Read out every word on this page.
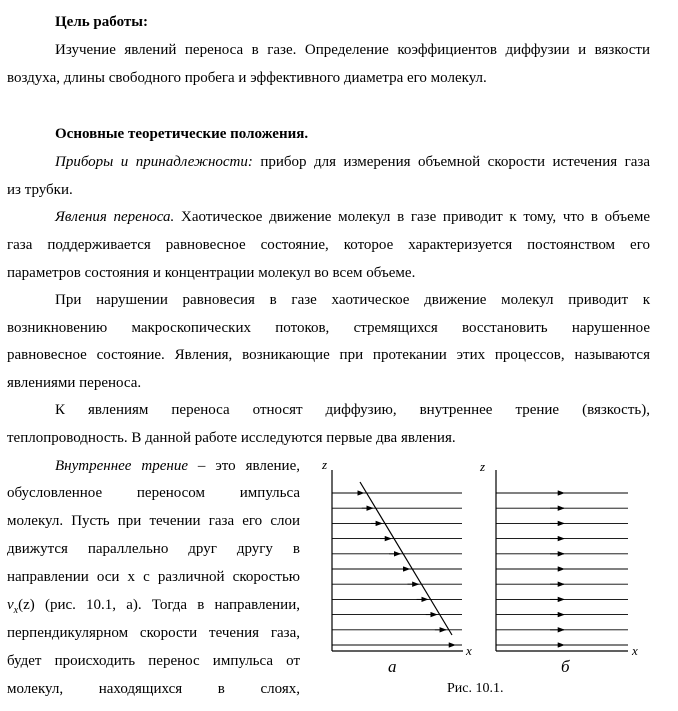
Цель работы:
Изучение явлений переноса в газе. Определение коэффициентов диффузии и вязкости
воздуха, длины свободного пробега и эффективного диаметра его молекул.
Основные теоретические положения.
Приборы и принадлежности: прибор для измерения объемной скорости истечения газа
из трубки.
Явления переноса. Хаотическое движение молекул в газе приводит к тому, что в объеме
газа поддерживается равновесное состояние, которое характеризуется постоянством его
параметров состояния и концентрации молекул во всем объеме.
При нарушении равновесия в газе хаотическое движение молекул приводит к
возникновению макроскопических потоков, стремящихся восстановить нарушенное
равновесное состояние. Явления, возникающие при протекании этих процессов, называются
явлениями переноса.
К явлениям переноса относят диффузию, внутреннее трение (вязкость),
теплопроводность. В данной работе исследуются первые два явления.
Внутреннее трение – это явление,
обусловленное переносом импульса
молекул. Пусть при течении газа его слои
движутся параллельно друг другу в
направлении оси x с различной скоростью
$v_x(z)$ (рис. 10.1, а). Тогда в направлении,
перпендикулярном скорости течения газа,
будет происходить перенос импульса от
молекул, находящихся в слоях,
z
x
а
z
x
б
Рис. 10.1.
